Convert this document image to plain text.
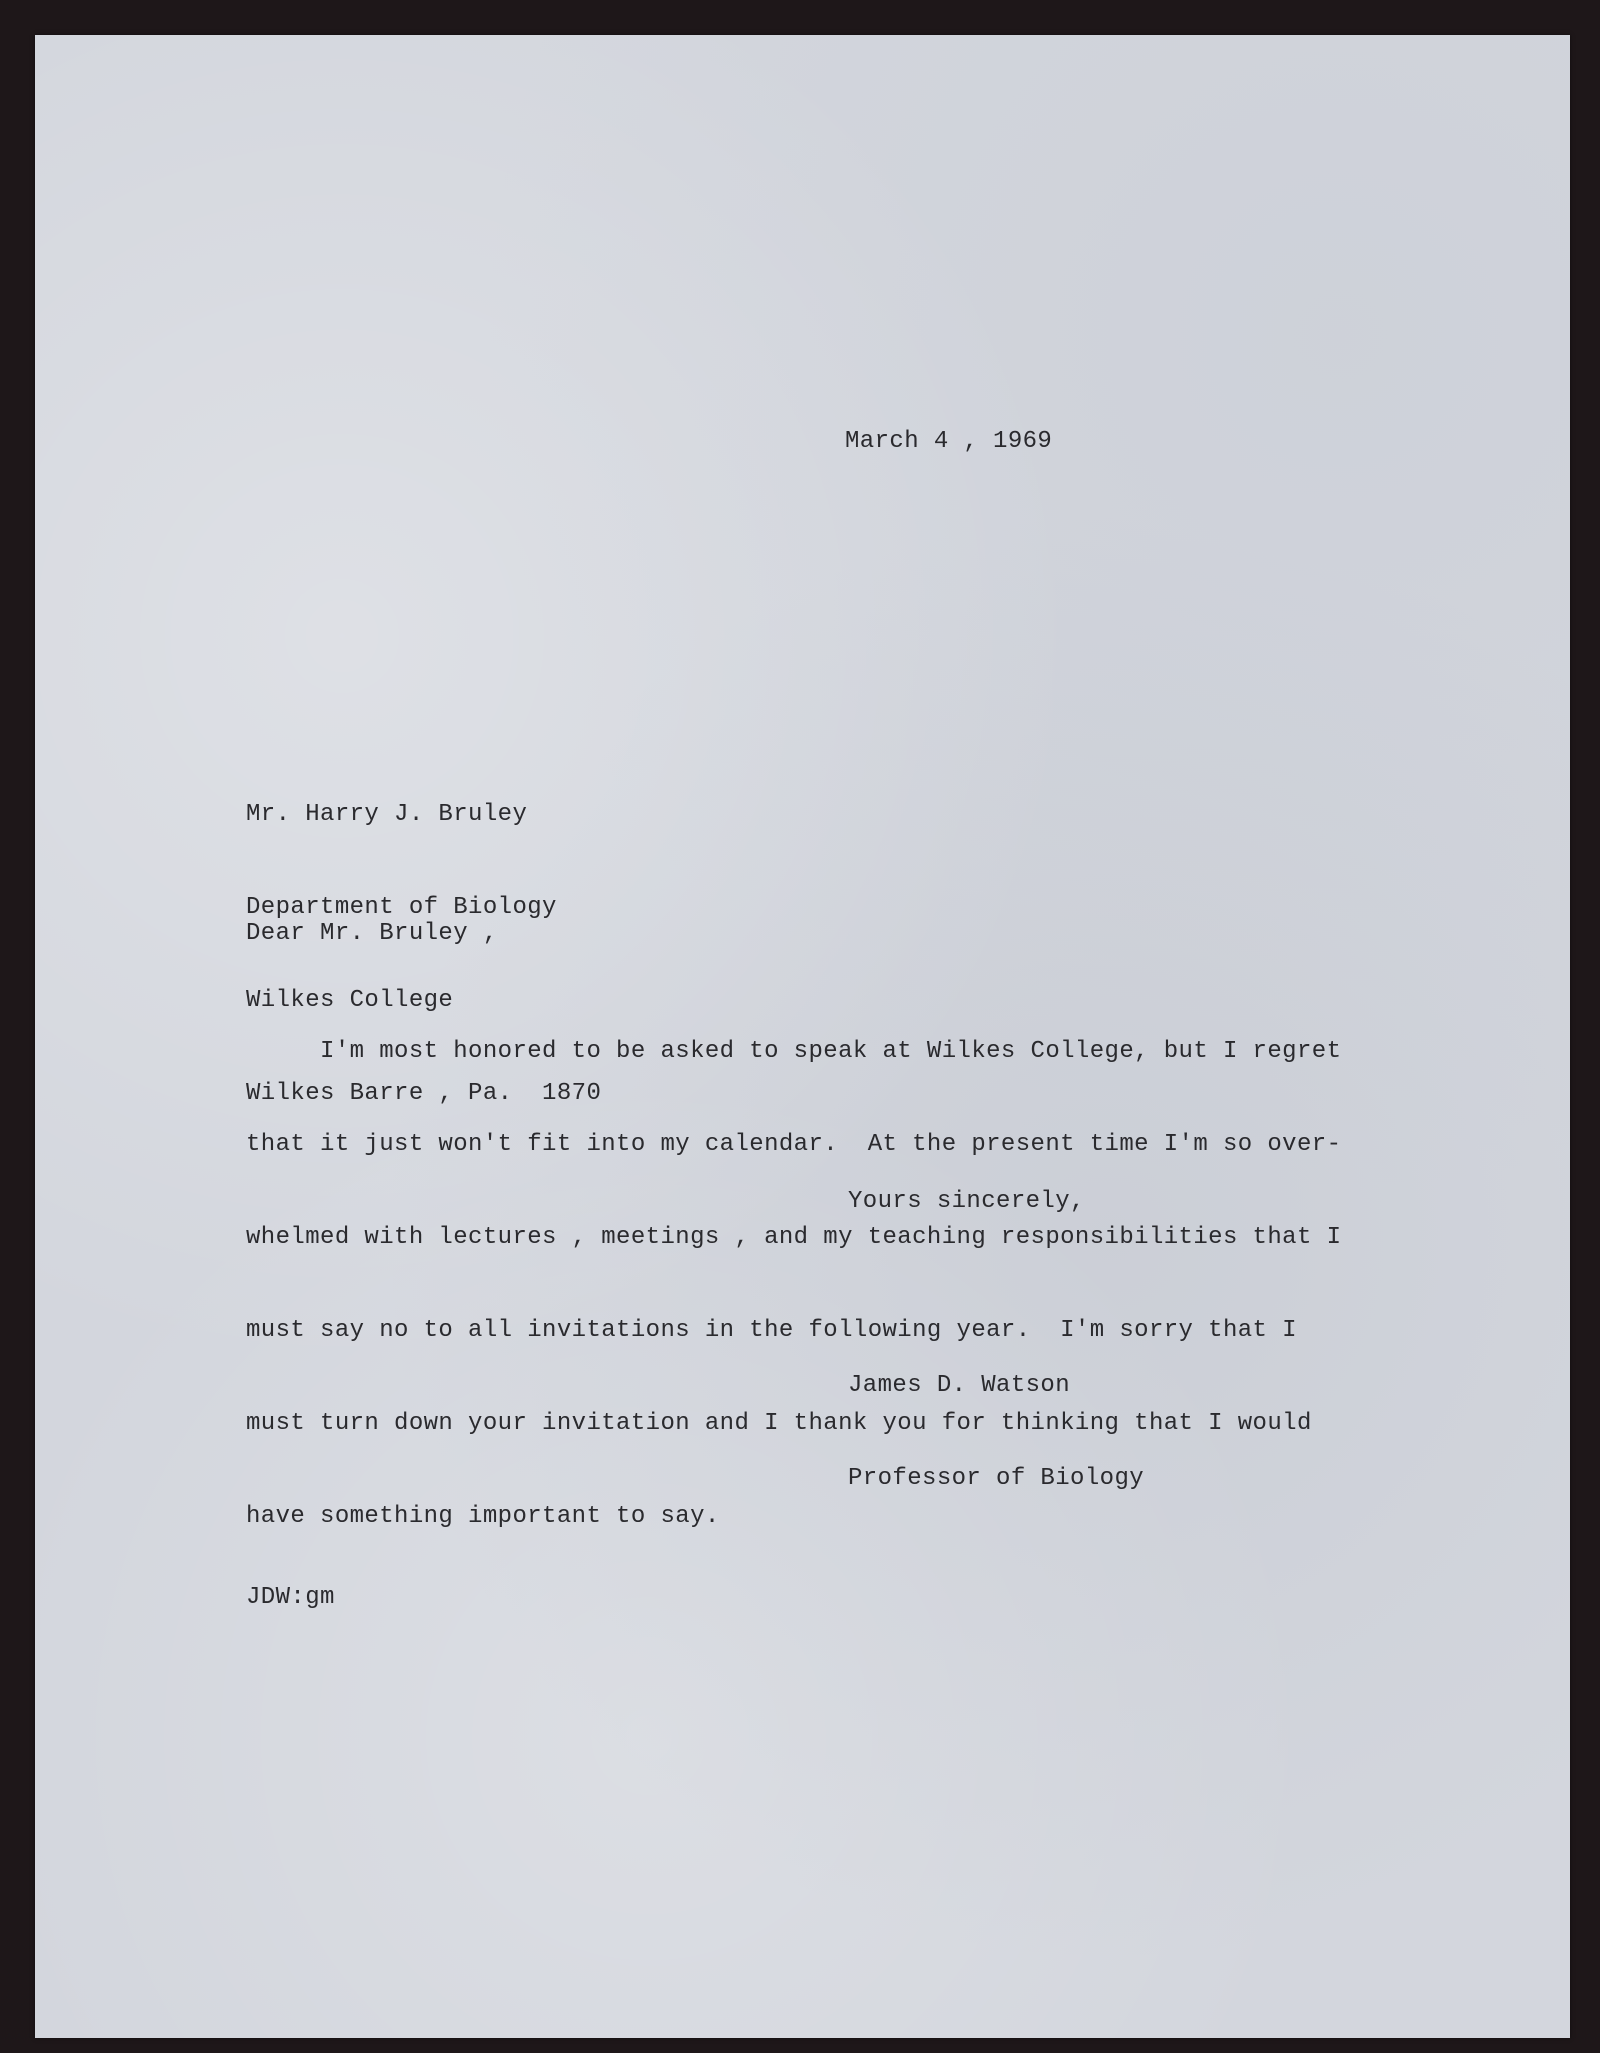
March 4 , 1969

Mr. Harry J. Bruley

Department of Biology

Wilkes College

Wilkes Barre , Pa.  1870

Dear Mr. Bruley ,

I'm most honored to be asked to speak at Wilkes College, but I regret

that it just won't fit into my calendar.  At the present time I'm so over-

whelmed with lectures , meetings , and my teaching responsibilities that I

must say no to all invitations in the following year.  I'm sorry that I

must turn down your invitation and I thank you for thinking that I would

have something important to say.

Yours sincerely,

James D. Watson

Professor of Biology

JDW:gm
